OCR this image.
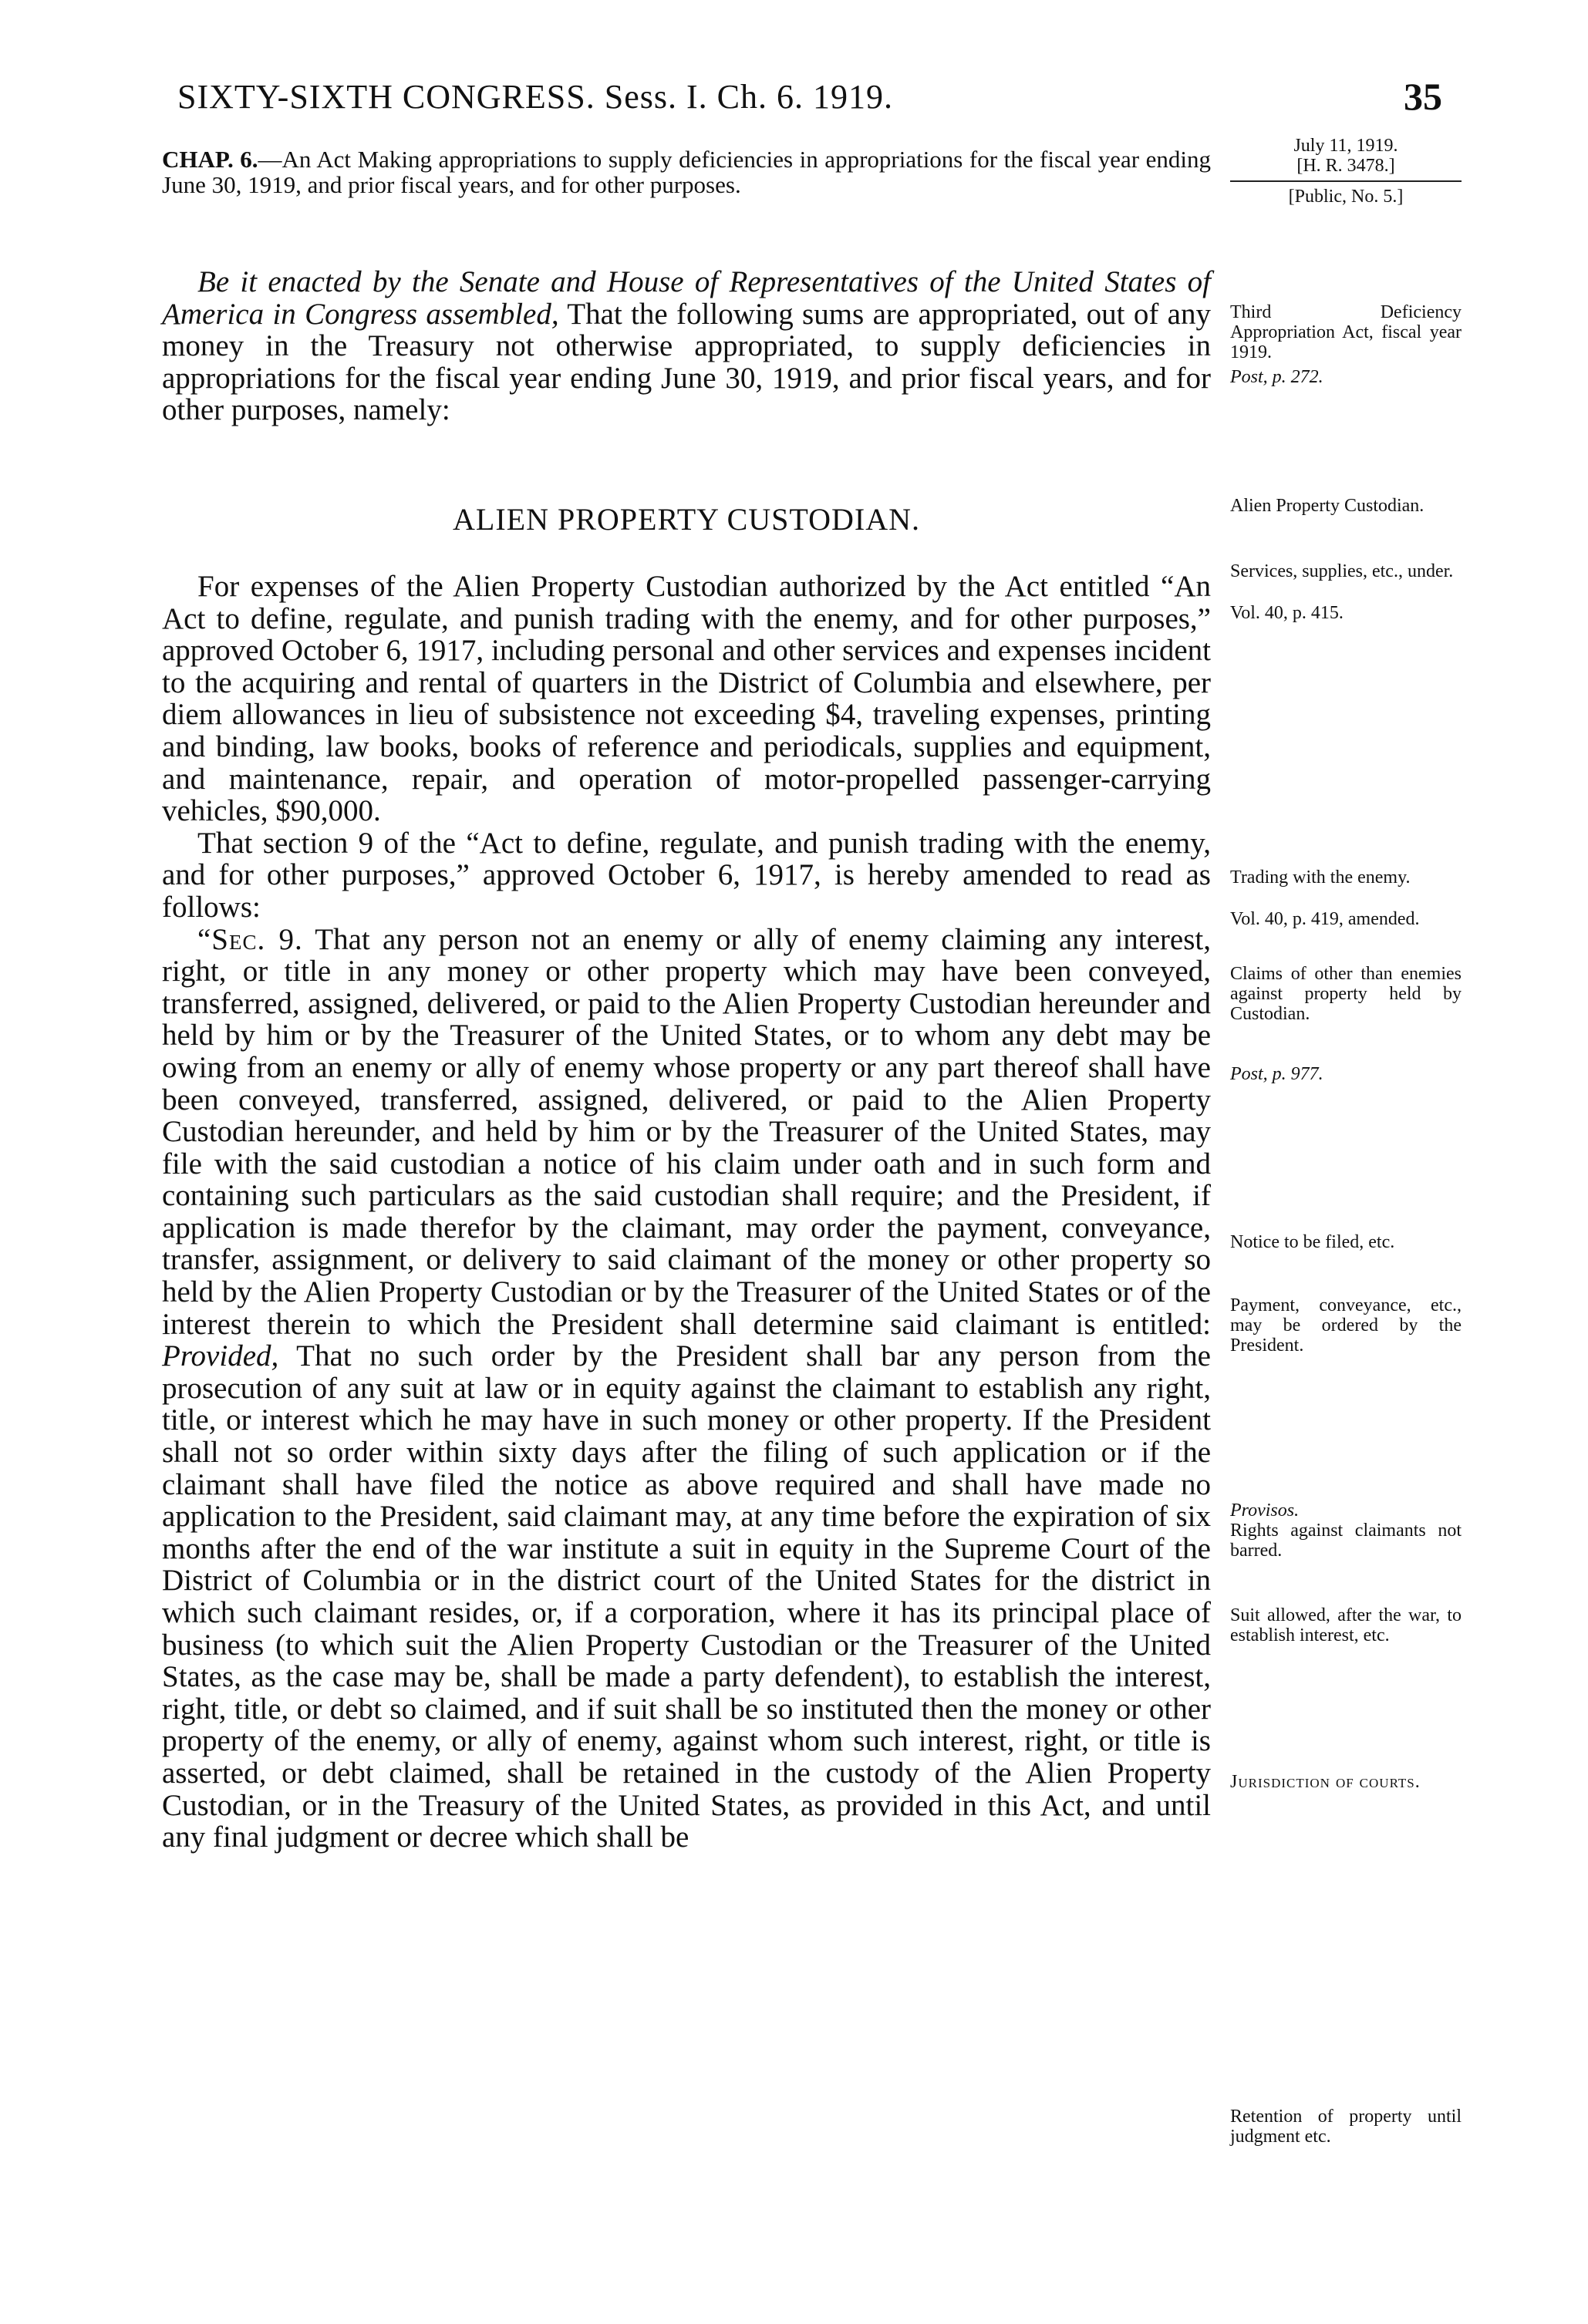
SIXTY-SIXTH CONGRESS. Sess. I. Ch. 6. 1919.	35
CHAP. 6.—An Act Making appropriations to supply deficiencies in appropriations for the fiscal year ending June 30, 1919, and prior fiscal years, and for other purposes.

Be it enacted by the Senate and House of Representatives of the United States of America in Congress assembled, That the following sums are appropriated, out of any money in the Treasury not otherwise appropriated, to supply deficiencies in appropriations for the fiscal year ending June 30, 1919, and prior fiscal years, and for other purposes, namely:

ALIEN PROPERTY CUSTODIAN.

For expenses of the Alien Property Custodian authorized by the Act entitled “An Act to define, regulate, and punish trading with the enemy, and for other purposes,” approved October 6, 1917, including personal and other services and expenses incident to the acquiring and rental of quarters in the District of Columbia and elsewhere, per diem allowances in lieu of subsistence not exceeding $4, traveling expenses, printing and binding, law books, books of reference and periodicals, supplies and equipment, and maintenance, repair, and operation of motor-propelled passenger-carrying vehicles, $90,000.

That section 9 of the “Act to define, regulate, and punish trading with the enemy, and for other purposes,” approved October 6, 1917, is hereby amended to read as follows:

“Sec. 9. That any person not an enemy or ally of enemy claiming any interest, right, or title in any money or other property which may have been conveyed, transferred, assigned, delivered, or paid to the Alien Property Custodian hereunder and held by him or by the Treasurer of the United States, or to whom any debt may be owing from an enemy or ally of enemy whose property or any part thereof shall have been conveyed, transferred, assigned, delivered, or paid to the Alien Property Custodian hereunder, and held by him or by the Treasurer of the United States, may file with the said custodian a notice of his claim under oath and in such form and containing such particulars as the said custodian shall require; and the President, if application is made therefor by the claimant, may order the payment, conveyance, transfer, assignment, or delivery to said claimant of the money or other property so held by the Alien Property Custodian or by the Treasurer of the United States or of the interest therein to which the President shall determine said claimant is entitled: Provided, That no such order by the President shall bar any person from the prosecution of any suit at law or in equity against the claimant to establish any right, title, or interest which he may have in such money or other property. If the President shall not so order within sixty days after the filing of such application or if the claimant shall have filed the notice as above required and shall have made no application to the President, said claimant may, at any time before the expiration of six months after the end of the war institute a suit in equity in the Supreme Court of the District of Columbia or in the district court of the United States for the district in which such claimant resides, or, if a corporation, where it has its principal place of business (to which suit the Alien Property Custodian or the Treasurer of the United States, as the case may be, shall be made a party defendent), to establish the interest, right, title, or debt so claimed, and if suit shall be so instituted then the money or other property of the enemy, or ally of enemy, against whom such interest, right, or title is asserted, or debt claimed, shall be retained in the custody of the Alien Property Custodian, or in the Treasury of the United States, as provided in this Act, and until any final judgment or decree which shall be

July 11, 1919.
[H. R. 3478.]
[Public, No. 5.]
Third Deficiency Appropriation Act, fiscal year 1919.
Post, p. 272.
Alien Property Custodian.
Services, supplies, etc., under.
Vol. 40, p. 415.
Trading with the enemy.
Vol. 40, p. 419, amended.
Claims of other than enemies against property held by Custodian.
Post, p. 977.
Notice to be filed, etc.
Payment, conveyance, etc., may be ordered by the President.
Provisos.
Rights against claimants not barred.
Suit allowed, after the war, to establish interest, etc.
Jurisdiction of courts.
Retention of property until judgment etc.
